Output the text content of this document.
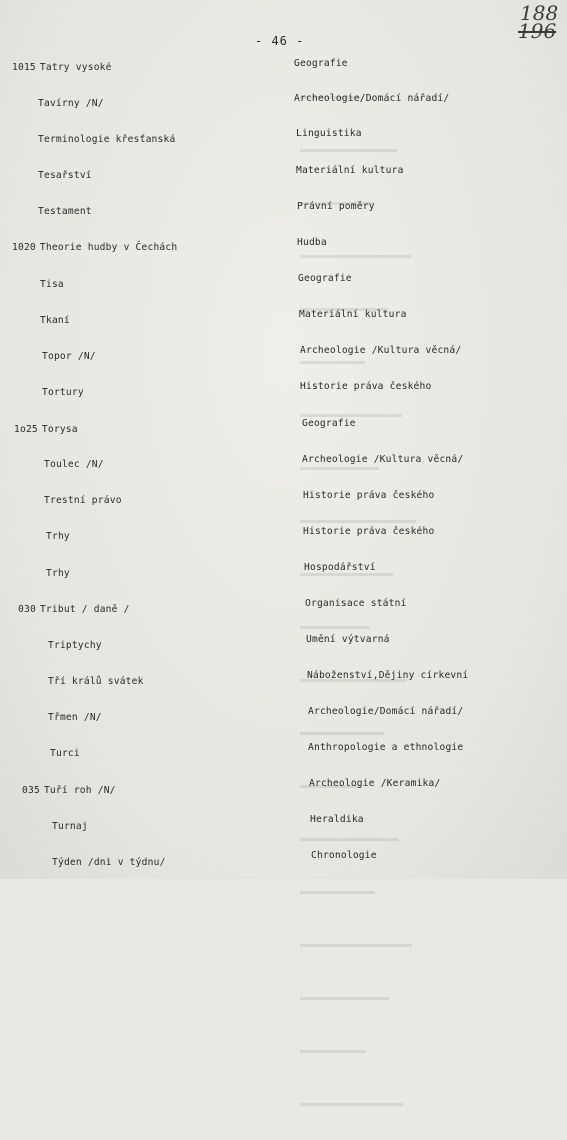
- 46 -
188
196
1015 Tatry vysoké
Tavírny /N/
Terminologie křesťanská
Tesařství
Testament
1020 Theorie hudby v Čechách
Tisa
Tkaní
Topor /N/
Tortury
1o25 Torysa
Toulec /N/
Trestní právo
Trhy
Trhy
030 Tribut / daně /
Triptychy
Tří králů svátek
Třmen /N/
Turci
035 Tuří roh /N/
Turnaj
Týden /dni v týdnu/
Geografie
Archeologie/Domácí nářadí/
Linguistika
Materiální kultura
Právní poměry
Hudba
Geografie
Materiální kultura
Archeologie /Kultura věcná/
Historie práva českého
Geografie
Archeologie /Kultura věcná/
Historie práva českého
Historie práva českého
Hospodářství
Organisace státní
Umění výtvarná
Náboženství,Dějiny církevní
Archeologie/Domácí nářadí/
Anthropologie a ethnologie
Archeologie /Keramika/
Heraldika
Chronologie
